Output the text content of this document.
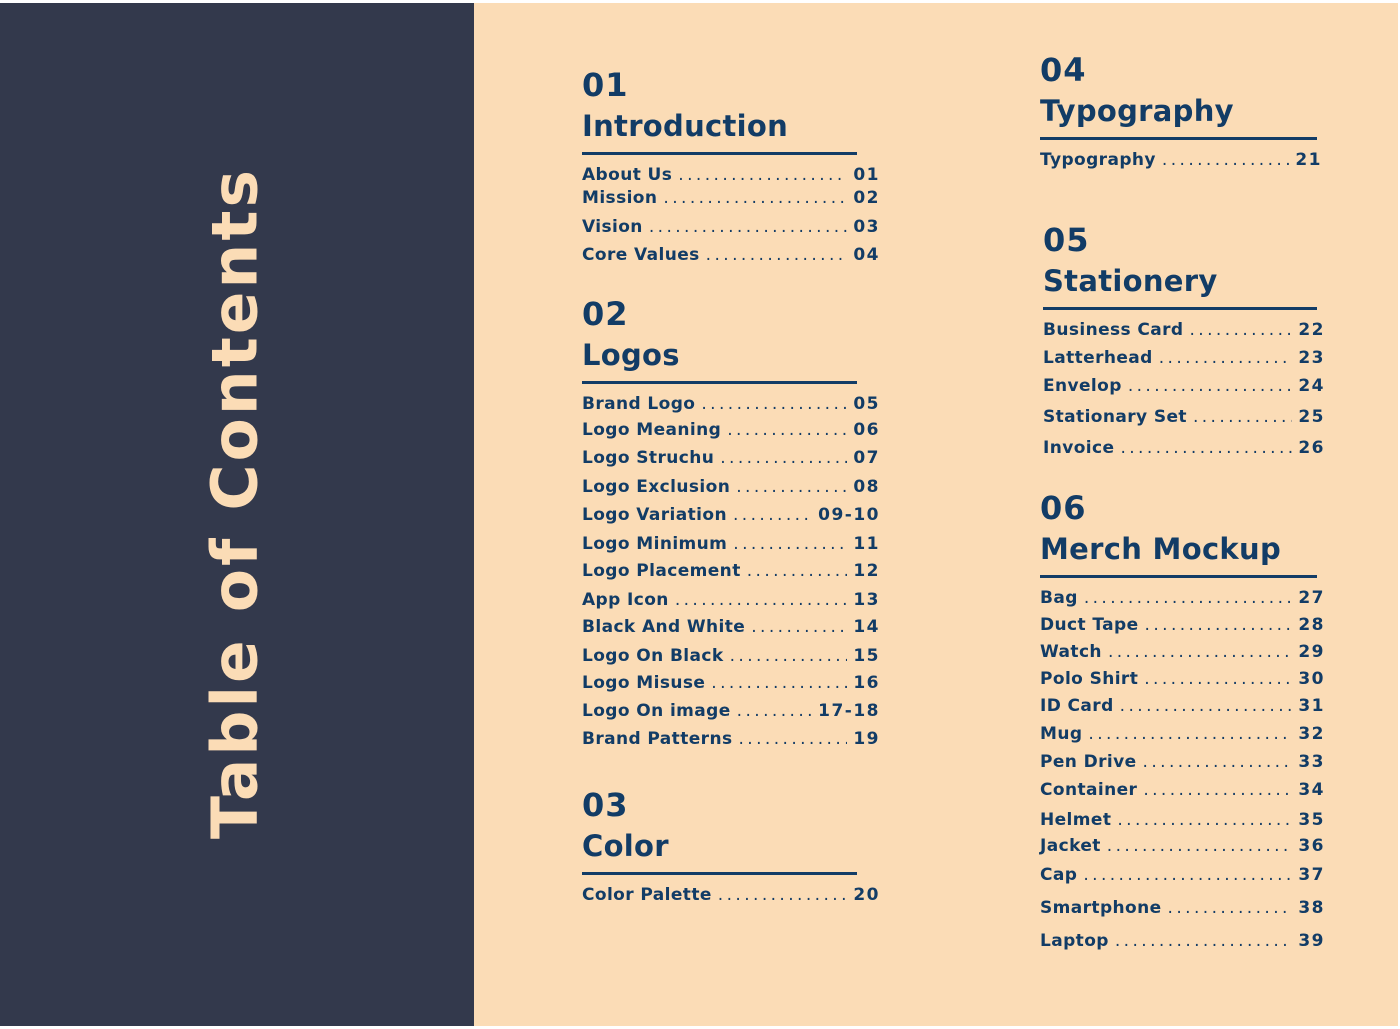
Table of Contents
01
Introduction
About Us . . .	01
Mission . . .	02
Vision . . .	03
Core Values . . .	04
02
Logos
Brand Logo . . .	05
Logo Meaning . . .	06
Logo Struchu . . .	07
Logo Exclusion . . .	08
Logo Variation . . .	09-10
Logo Minimum . . .	11
Logo Placement . . .	12
App Icon . . .	13
Black And White . . .	14
Logo On Black . . .	15
Logo Misuse . . .	16
Logo On image . . .	17-18
Brand Patterns . . .	19
03
Color
Color Palette . . .	20
04
Typography
Typography . . .	21
05
Stationery
Business Card . . .	22
Latterhead . . .	23
Envelop . . .	24
Stationary Set . . .	25
Invoice . . .	26
06
Merch Mockup
Bag . . .	27
Duct Tape . . .	28
Watch . . .	29
Polo Shirt . . .	30
ID Card . . .	31
Mug . . .	32
Pen Drive . . .	33
Container . . .	34
Helmet . . .	35
Jacket . . .	36
Cap . . .	37
Smartphone . . .	38
Laptop . . .	39
